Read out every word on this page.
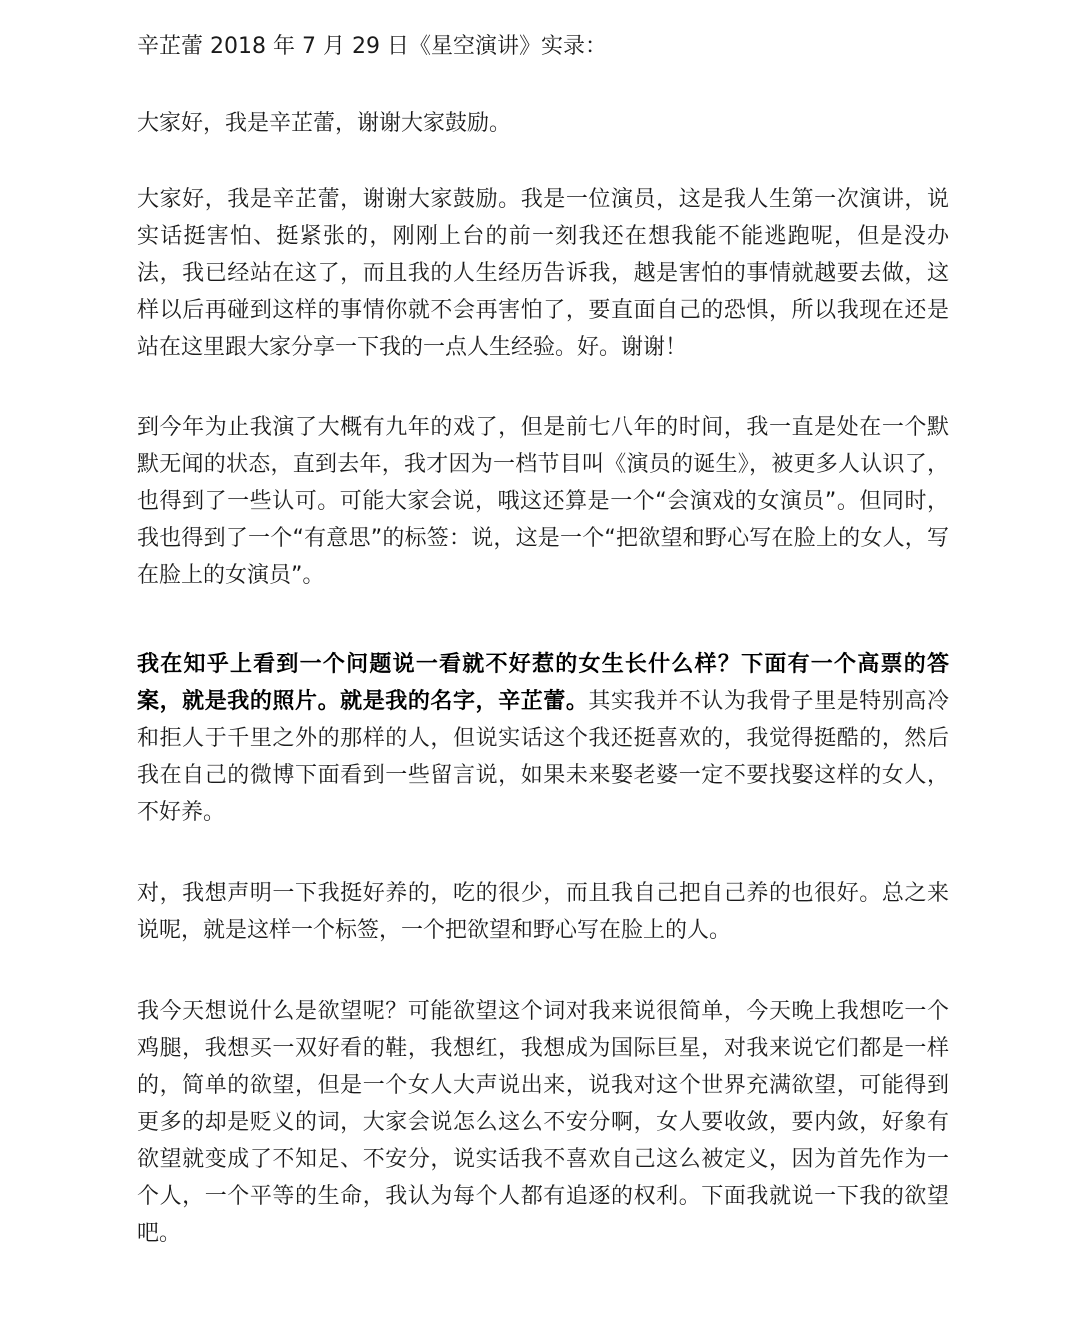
辛芷蕾 2018 年 7 月 29 日《星空演讲》实录：

大家好，我是辛芷蕾，谢谢大家鼓励。

大家好，我是辛芷蕾，谢谢大家鼓励。我是一位演员，这是我人生第一次演讲，说实话挺害怕、挺紧张的，刚刚上台的前一刻我还在想我能不能逃跑呢，但是没办法，我已经站在这了，而且我的人生经历告诉我，越是害怕的事情就越要去做，这样以后再碰到这样的事情你就不会再害怕了，要直面自己的恐惧，所以我现在还是站在这里跟大家分享一下我的一点人生经验。好。谢谢！

到今年为止我演了大概有九年的戏了，但是前七八年的时间，我一直是处在一个默默无闻的状态，直到去年，我才因为一档节目叫《演员的诞生》，被更多人认识了，也得到了一些认可。可能大家会说，哦这还算是一个“会演戏的女演员”。但同时，我也得到了一个“有意思”的标签：说，这是一个“把欲望和野心写在脸上的女人，写在脸上的女演员”。

我在知乎上看到一个问题说一看就不好惹的女生长什么样？下面有一个高票的答案，就是我的照片。就是我的名字，辛芷蕾。其实我并不认为我骨子里是特别高冷和拒人于千里之外的那样的人，但说实话这个我还挺喜欢的，我觉得挺酷的，然后我在自己的微博下面看到一些留言说，如果未来娶老婆一定不要找娶这样的女人，不好养。

对，我想声明一下我挺好养的，吃的很少，而且我自己把自己养的也很好。总之来说呢，就是这样一个标签，一个把欲望和野心写在脸上的人。

我今天想说什么是欲望呢？可能欲望这个词对我来说很简单，今天晚上我想吃一个鸡腿，我想买一双好看的鞋，我想红，我想成为国际巨星，对我来说它们都是一样的，简单的欲望，但是一个女人大声说出来，说我对这个世界充满欲望，可能得到更多的却是贬义的词，大家会说怎么这么不安分啊，女人要收敛，要内敛，好象有欲望就变成了不知足、不安分，说实话我不喜欢自己这么被定义，因为首先作为一个人，一个平等的生命，我认为每个人都有追逐的权利。下面我就说一下我的欲望吧。
